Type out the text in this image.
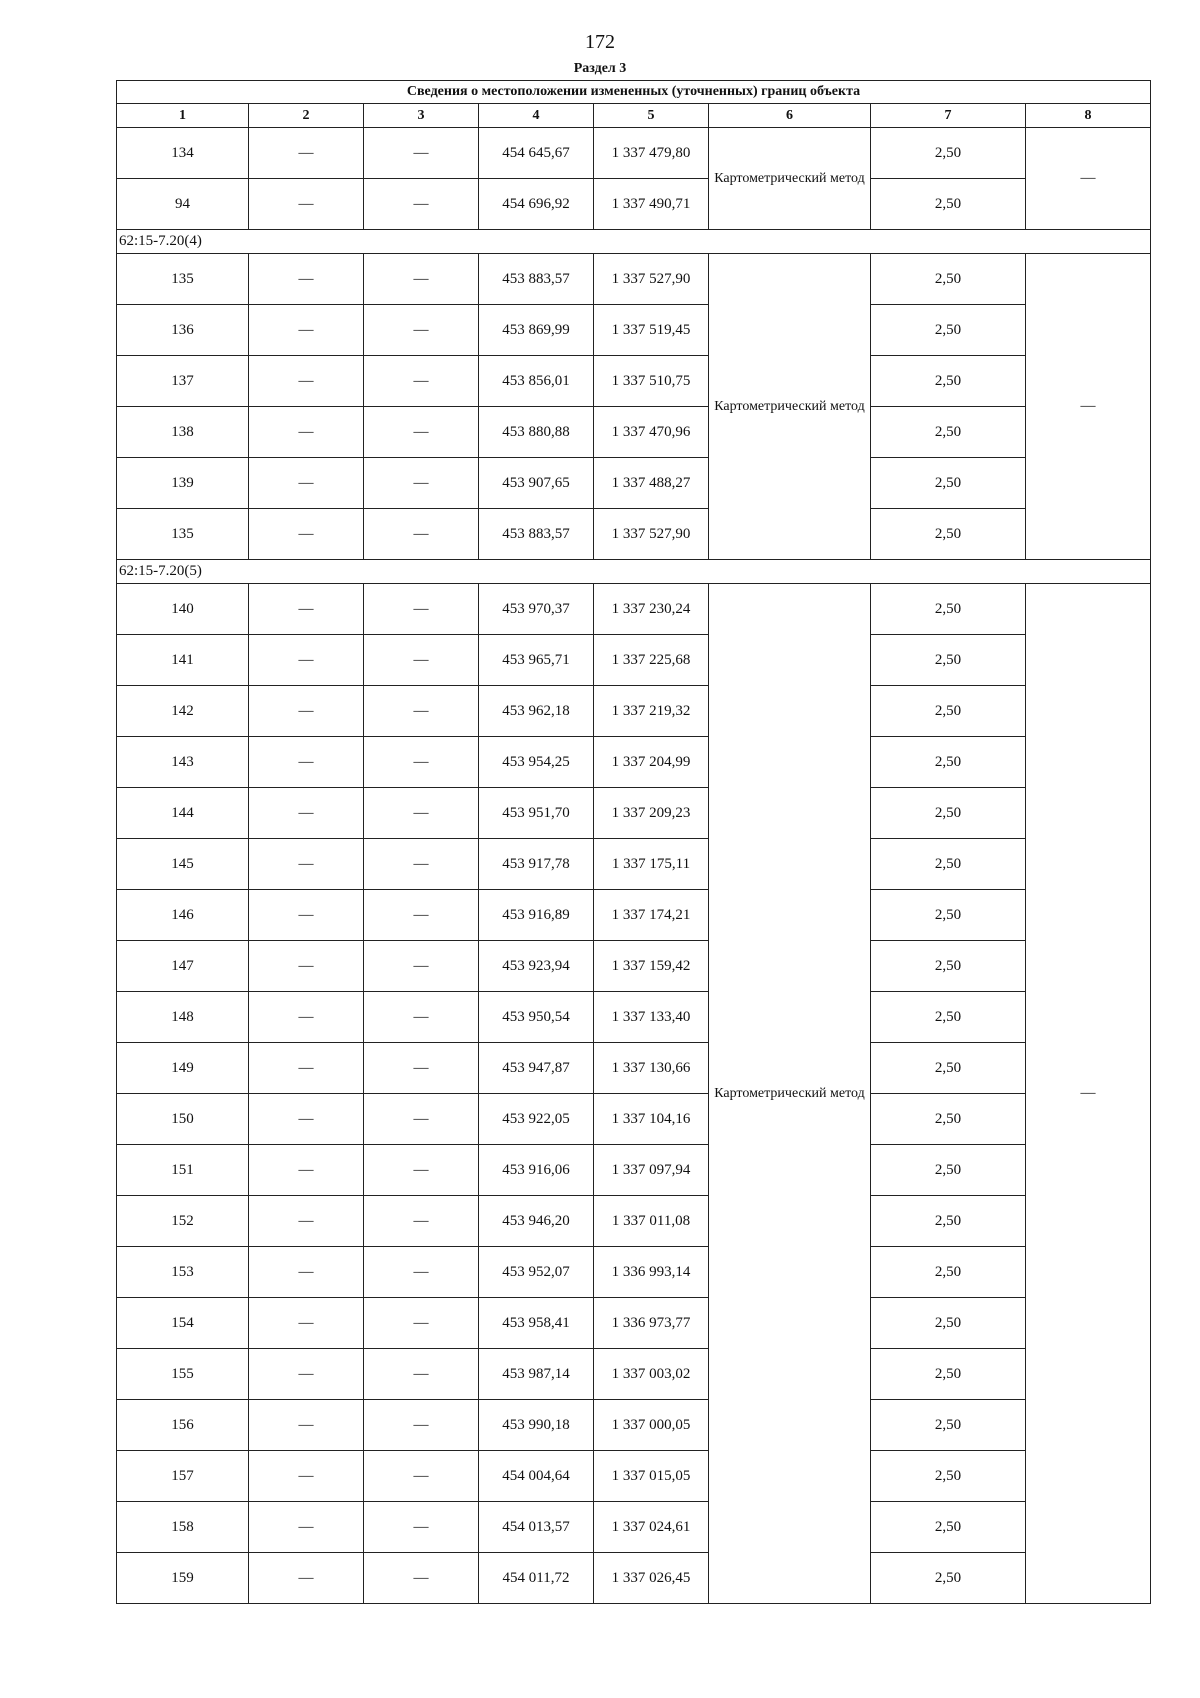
172
Раздел 3
Сведения о местоположении измененных (уточненных) границ объекта							
1	2	3	4	5	6	7	8
134	—	—	454 645,67	1 337 479,80	Картометрический метод	2,50	—
94	—	—	454 696,92	1 337 490,71		2,50	
62:15-7.20(4)							
135	—	—	453 883,57	1 337 527,90	Картометрический метод	2,50	—
136	—	—	453 869,99	1 337 519,45		2,50	
137	—	—	453 856,01	1 337 510,75		2,50	
138	—	—	453 880,88	1 337 470,96		2,50	
139	—	—	453 907,65	1 337 488,27		2,50	
135	—	—	453 883,57	1 337 527,90		2,50	
62:15-7.20(5)							
140	—	—	453 970,37	1 337 230,24	Картометрический метод	2,50	—
141	—	—	453 965,71	1 337 225,68		2,50	
142	—	—	453 962,18	1 337 219,32		2,50	
143	—	—	453 954,25	1 337 204,99		2,50	
144	—	—	453 951,70	1 337 209,23		2,50	
145	—	—	453 917,78	1 337 175,11		2,50	
146	—	—	453 916,89	1 337 174,21		2,50	
147	—	—	453 923,94	1 337 159,42		2,50	
148	—	—	453 950,54	1 337 133,40		2,50	
149	—	—	453 947,87	1 337 130,66		2,50	
150	—	—	453 922,05	1 337 104,16		2,50	
151	—	—	453 916,06	1 337 097,94		2,50	
152	—	—	453 946,20	1 337 011,08		2,50	
153	—	—	453 952,07	1 336 993,14		2,50	
154	—	—	453 958,41	1 336 973,77		2,50	
155	—	—	453 987,14	1 337 003,02		2,50	
156	—	—	453 990,18	1 337 000,05		2,50	
157	—	—	454 004,64	1 337 015,05		2,50	
158	—	—	454 013,57	1 337 024,61		2,50	
159	—	—	454 011,72	1 337 026,45		2,50	
